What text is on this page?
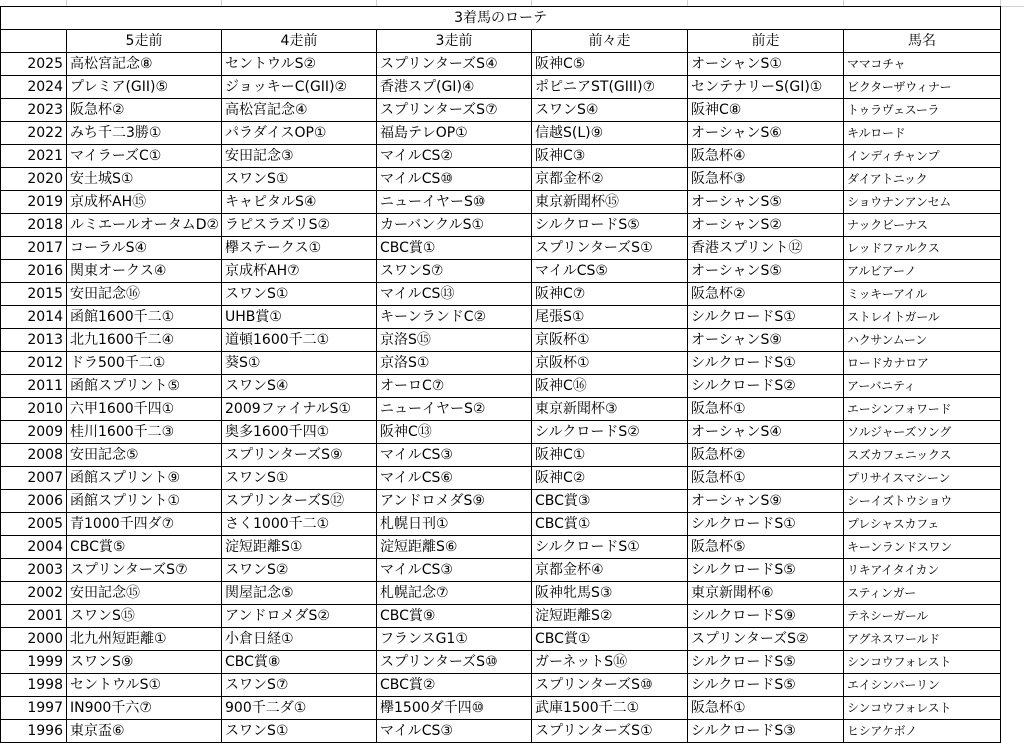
3着馬のローテ						
	5走前	4走前	3走前	前々走	前走	馬名
2025	高松宮記念⑧	セントウルS②	スプリンターズS④	阪神C⑤	オーシャンS①	ママコチャ
2024	プレミア(GII)⑤	ジョッキーC(GII)②	香港スプ(GI)④	ポピニアST(GIII)⑦	センテナリーS(GI)①	ビクターザウィナー
2023	阪急杯②	高松宮記念④	スプリンターズS⑦	スワンS④	阪神C⑧	トゥラヴェスーラ
2022	みち千二3勝①	パラダイスOP①	福島テレOP①	信越S(L)⑨	オーシャンS⑥	キルロード
2021	マイラーズC①	安田記念③	マイルCS②	阪神C③	阪急杯④	インディチャンプ
2020	安土城S①	スワンS①	マイルCS⑩	京都金杯②	阪急杯③	ダイアトニック
2019	京成杯AH⑮	キャピタルS④	ニューイヤーS⑩	東京新聞杯⑮	オーシャンS⑤	ショウナンアンセム
2018	ルミエールオータムD②	ラピスラズリS②	カーバンクルS①	シルクロードS⑤	オーシャンS②	ナックビーナス
2017	コーラルS④	欅ステークス①	CBC賞①	スプリンターズS①	香港スプリント⑫	レッドファルクス
2016	関東オークス④	京成杯AH⑦	スワンS⑦	マイルCS⑤	オーシャンS⑤	アルビアーノ
2015	安田記念⑯	スワンS①	マイルCS⑬	阪神C⑦	阪急杯②	ミッキーアイル
2014	函館1600千二①	UHB賞①	キーンランドC②	尾張S①	シルクロードS①	ストレイトガール
2013	北九1600千二④	道頓1600千二①	京洛S⑮	京阪杯①	オーシャンS⑨	ハクサンムーン
2012	ドラ500千二①	葵S①	京洛S①	京阪杯①	シルクロードS①	ロードカナロア
2011	函館スプリント⑤	スワンS④	オーロC⑦	阪神C⑯	シルクロードS②	アーバニティ
2010	六甲1600千四①	2009ファイナルS①	ニューイヤーS②	東京新聞杯③	阪急杯①	エーシンフォワード
2009	桂川1600千二③	奥多1600千四①	阪神C⑬	シルクロードS②	オーシャンS④	ソルジャーズソング
2008	安田記念⑤	スプリンターズS⑨	マイルCS③	阪神C①	阪急杯②	スズカフェニックス
2007	函館スプリント⑨	スワンS①	マイルCS⑥	阪神C②	阪急杯①	プリサイスマシーン
2006	函館スプリント①	スプリンターズS⑫	アンドロメダS⑨	CBC賞③	オーシャンS⑨	シーイズトウショウ
2005	青1000千四ダ⑦	さく1000千二①	札幌日刊①	CBC賞①	シルクロードS①	プレシャスカフェ
2004	CBC賞⑤	淀短距離S①	淀短距離S⑥	シルクロードS①	阪急杯⑤	キーンランドスワン
2003	スプリンターズS⑦	スワンS②	マイルCS③	京都金杯④	シルクロードS⑤	リキアイタイカン
2002	安田記念⑮	関屋記念⑤	札幌記念⑦	阪神牝馬S③	東京新聞杯⑥	スティンガー
2001	スワンS⑮	アンドロメダS②	CBC賞⑨	淀短距離S②	シルクロードS⑨	テネシーガール
2000	北九州短距離①	小倉日経①	フランスG1①	CBC賞①	スプリンターズS②	アグネスワールド
1999	スワンS⑨	CBC賞⑧	スプリンターズS⑩	ガーネットS⑯	シルクロードS⑤	シンコウフォレスト
1998	セントウルS①	スワンS⑦	CBC賞②	スプリンターズS⑩	シルクロードS⑤	エイシンバーリン
1997	IN900千六⑦	900千二ダ①	欅1500ダ千四⑩	武庫1500千二①	阪急杯①	シンコウフォレスト
1996	東京盃⑥	スワンS①	マイルCS③	スプリンターズS①	シルクロードS③	ヒシアケボノ
